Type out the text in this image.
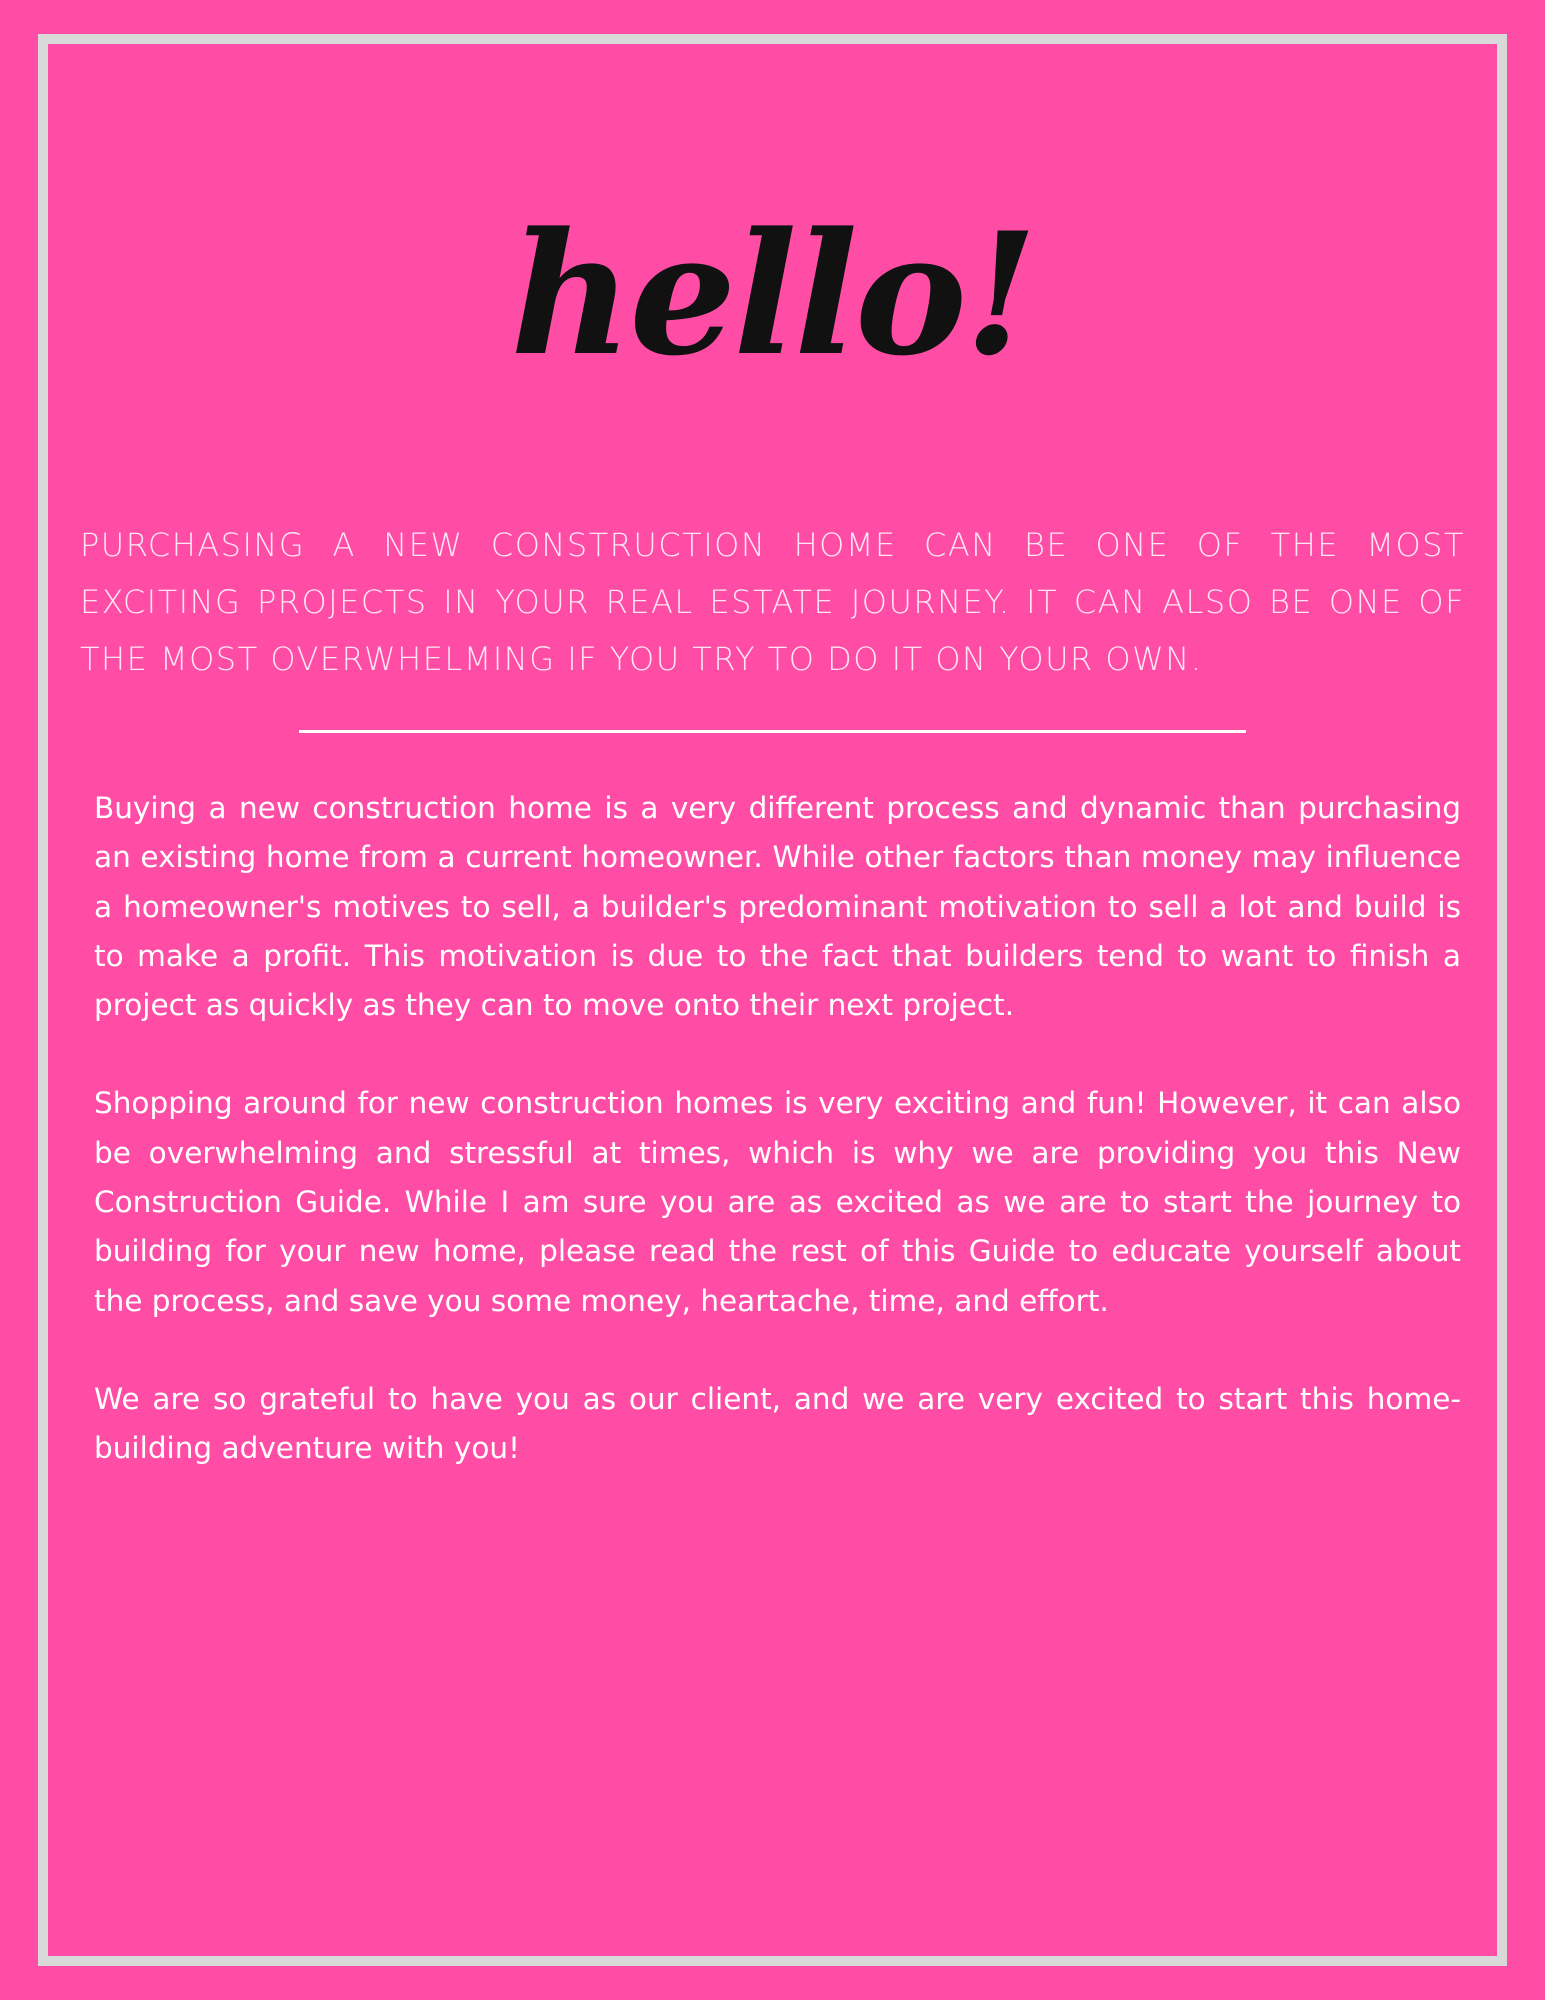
hello!

PURCHASING A NEW CONSTRUCTION HOME CAN BE ONE OF THE MOST EXCITING PROJECTS IN YOUR REAL ESTATE JOURNEY. IT CAN ALSO BE ONE OF THE MOST OVERWHELMING IF YOU TRY TO DO IT ON YOUR OWN.

Buying a new construction home is a very different process and dynamic than purchasing an existing home from a current homeowner. While other factors than money may influence a homeowner's motives to sell, a builder's predominant motivation to sell a lot and build is to make a profit. This motivation is due to the fact that builders tend to want to finish a project as quickly as they can to move onto their next project.

Shopping around for new construction homes is very exciting and fun! However, it can also be overwhelming and stressful at times, which is why we are providing you this New Construction Guide. While I am sure you are as excited as we are to start the journey to building for your new home, please read the rest of this Guide to educate yourself about the process, and save you some money, heartache, time, and effort.

We are so grateful to have you as our client, and we are very excited to start this home-building adventure with you!
